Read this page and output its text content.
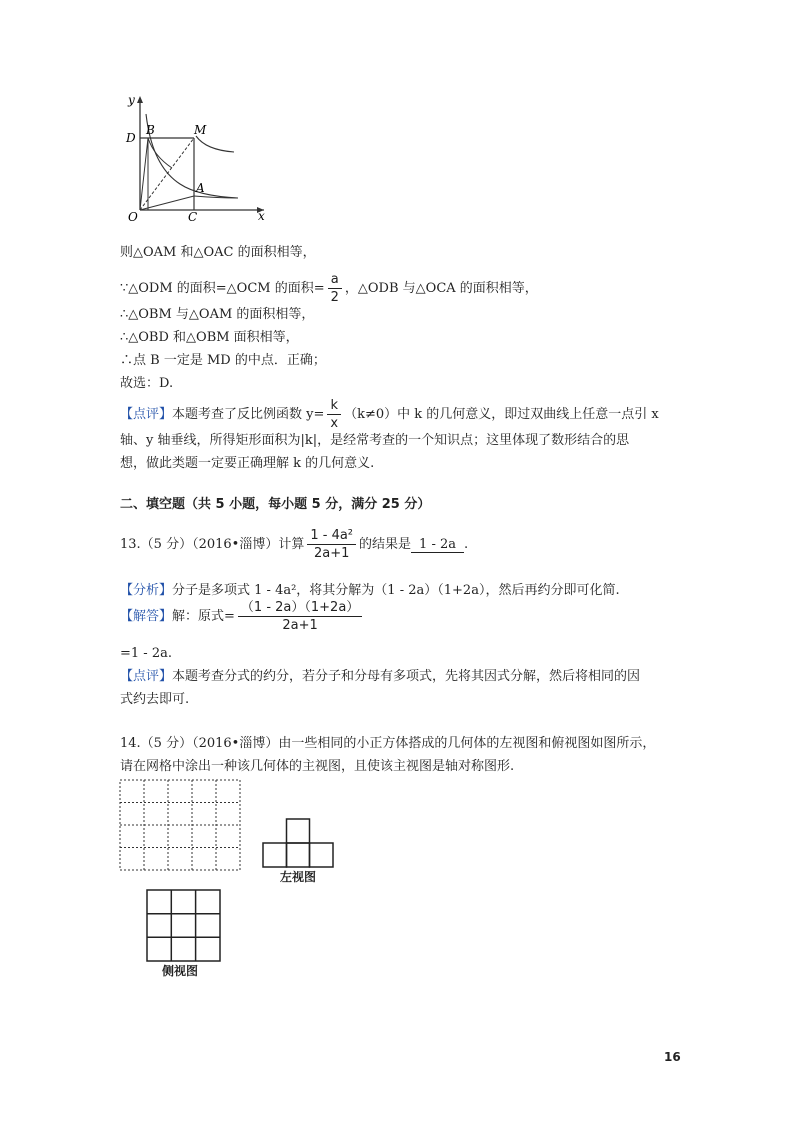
y
x
O	C
A
D
B	M
则△OAM 和△OAC 的面积相等，
∵△ODM 的面积=△OCM 的面积= $\frac{a}{2}$ ，△ODB 与△OCA 的面积相等，
∴△OBM 与△OAM 的面积相等，
∴△OBD 和△OBM 面积相等，
∴点 B 一定是 MD 的中点．正确；
故选：D.
【点评】本题考查了反比例函数 $y= \frac{k}{x} (k\ne 0)$中 k 的几何意义，即过双曲线上任意一点引 x
轴、y 轴垂线，所得矩形面积为|k|，是经常考查的一个知识点；这里体现了数形结合的思
想，做此类题一定要正确理解 k 的几何意义.
二、填空题（共 5 小题，每小题 5 分，满分 25 分）
13.（5 分）（2016•淄博）计算 $\frac{\text{1 - 4a²}}{2a+1}$ 的结果是 1 - 2a .
【分析】分子是多项式 1 - 4a²，将其分解为（1 - 2a）（1+2a），然后再约分即可化简.
【解答】解：原式= $\frac{(1 - 2a)(1+2a)}{2a+1}$
=1 - 2a.
【点评】本题考查分式的约分，若分子和分母有多项式，先将其因式分解，然后将相同的因
式约去即可.
14.（5 分）（2016•淄博）由一些相同的小正方体搭成的几何体的左视图和俯视图如图所示，
请在网格中涂出一种该几何体的主视图，且使该主视图是轴对称图形.
左视图
侧视图
16
